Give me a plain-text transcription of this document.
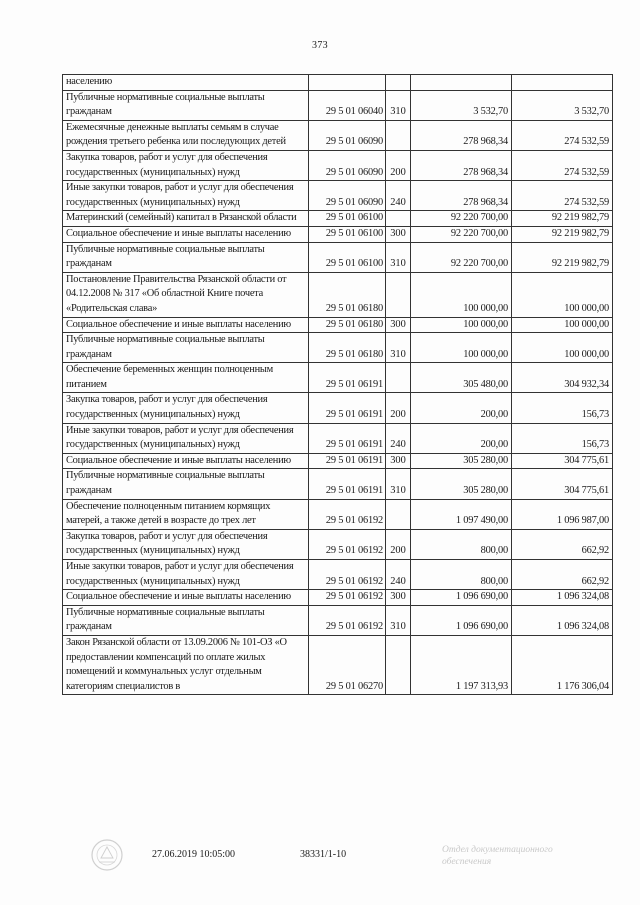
373
населению				
Публичные нормативные социальные выплаты гражданам	29 5 01 06040	310	3 532,70	3 532,70
Ежемесячные денежные выплаты семьям в случае рождения третьего ребенка или последующих детей	29 5 01 06090		278 968,34	274 532,59
Закупка товаров, работ и услуг для обеспечения государственных (муниципальных) нужд	29 5 01 06090	200	278 968,34	274 532,59
Иные закупки товаров, работ и услуг для обеспечения государственных (муниципальных) нужд	29 5 01 06090	240	278 968,34	274 532,59
Материнский (семейный) капитал в Рязанской области	29 5 01 06100		92 220 700,00	92 219 982,79
Социальное обеспечение и иные выплаты населению	29 5 01 06100	300	92 220 700,00	92 219 982,79
Публичные нормативные социальные выплаты гражданам	29 5 01 06100	310	92 220 700,00	92 219 982,79
Постановление Правительства Рязанской области от 04.12.2008 № 317 «Об областной Книге почета «Родительская слава»	29 5 01 06180		100 000,00	100 000,00
Социальное обеспечение и иные выплаты населению	29 5 01 06180	300	100 000,00	100 000,00
Публичные нормативные социальные выплаты гражданам	29 5 01 06180	310	100 000,00	100 000,00
Обеспечение беременных женщин полноценным питанием	29 5 01 06191		305 480,00	304 932,34
Закупка товаров, работ и услуг для обеспечения государственных (муниципальных) нужд	29 5 01 06191	200	200,00	156,73
Иные закупки товаров, работ и услуг для обеспечения государственных (муниципальных) нужд	29 5 01 06191	240	200,00	156,73
Социальное обеспечение и иные выплаты населению	29 5 01 06191	300	305 280,00	304 775,61
Публичные нормативные социальные выплаты гражданам	29 5 01 06191	310	305 280,00	304 775,61
Обеспечение полноценным питанием кормящих матерей, а также детей в возрасте до трех лет	29 5 01 06192		1 097 490,00	1 096 987,00
Закупка товаров, работ и услуг для обеспечения государственных (муниципальных) нужд	29 5 01 06192	200	800,00	662,92
Иные закупки товаров, работ и услуг для обеспечения государственных (муниципальных) нужд	29 5 01 06192	240	800,00	662,92
Социальное обеспечение и иные выплаты населению	29 5 01 06192	300	1 096 690,00	1 096 324,08
Публичные нормативные социальные выплаты гражданам	29 5 01 06192	310	1 096 690,00	1 096 324,08
Закон Рязанской области от 13.09.2006 № 101-ОЗ «О предоставлении компенсаций по оплате жилых помещений и коммунальных услуг отдельным категориям специалистов в	29 5 01 06270		1 197 313,93	1 176 306,04
27.06.2019 10:05:00	38331/1-10	Отдел документационного обеспечения
